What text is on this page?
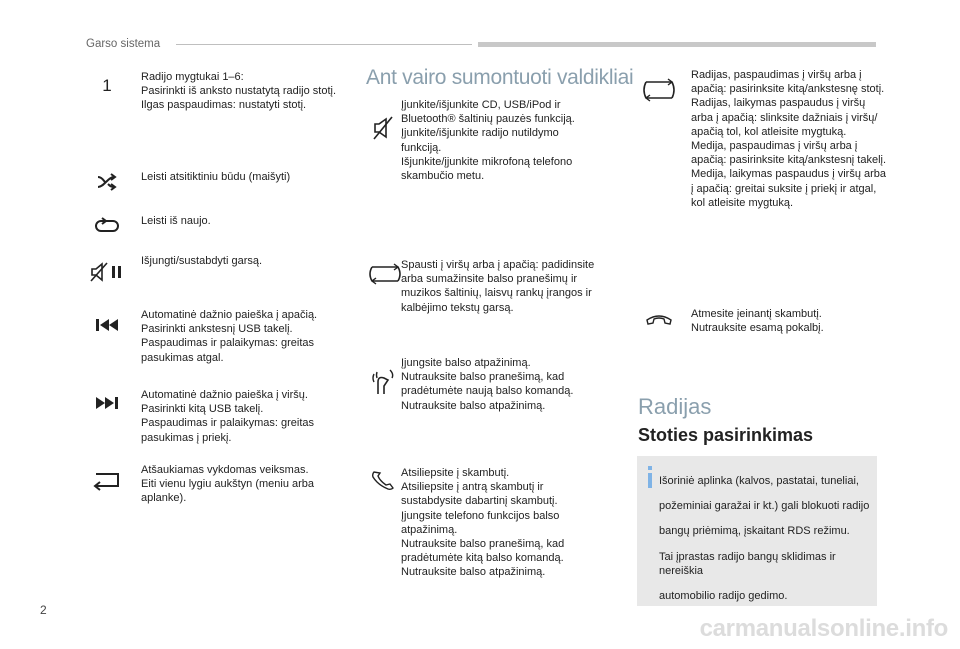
Garso sistema
1	Radijo mygtukai 1–6:

Pasirinkti iš anksto nustatytą radijo stotį.

Ilgas paspaudimas: nustatyti stotį.

Leisti atsitiktiniu būdu (maišyti)

Leisti iš naujo.

Išjungti/sustabdyti garsą.

Automatinė dažnio paieška į apačią.

Pasirinkti ankstesnį USB takelį.

Paspaudimas ir palaikymas: greitas

pasukimas atgal.

Automatinė dažnio paieška į viršų.

Pasirinkti kitą USB takelį.

Paspaudimas ir palaikymas: greitas

pasukimas į priekį.

Atšaukiamas vykdomas veiksmas.

Eiti vienu lygiu aukštyn (meniu arba

aplanke).

Ant vairo sumontuoti valdikliai

Įjunkite/išjunkite CD, USB/iPod ir

Bluetooth® šaltinių pauzės funkciją.

Įjunkite/išjunkite radijo nutildymo

funkciją.

Išjunkite/įjunkite mikrofoną telefono

skambučio metu.

Spausti į viršų arba į apačią: padidinsite

arba sumažinsite balso pranešimų ir

muzikos šaltinių, laisvų rankų įrangos ir

kalbėjimo tekstų garsą.

Įjungsite balso atpažinimą.

Nutrauksite balso pranešimą, kad

pradėtumėte naują balso komandą.

Nutrauksite balso atpažinimą.

Atsiliepsite į skambutį.

Atsiliepsite į antrą skambutį ir

sustabdysite dabartinį skambutį.

Įjungsite telefono funkcijos balso

atpažinimą.

Nutrauksite balso pranešimą, kad

pradėtumėte kitą balso komandą.

Nutrauksite balso atpažinimą.

Radijas, paspaudimas į viršų arba į

apačią: pasirinksite kitą/ankstesnę stotį.

Radijas, laikymas paspaudus į viršų

arba į apačią: slinksite dažniais į viršų/

apačią tol, kol atleisite mygtuką.

Medija, paspaudimas į viršų arba į

apačią: pasirinksite kitą/ankstesnį takelį.

Medija, laikymas paspaudus į viršų arba

į apačią: greitai suksite į priekį ir atgal,

kol atleisite mygtuką.

Atmesite įeinantį skambutį.

Nutrauksite esamą pokalbį.

Radijas
Stoties pasirinkimas

Išoriniė aplinka (kalvos, pastatai, tuneliai,

požeminiai garažai ir kt.) gali blokuoti radijo

bangų priėmimą, įskaitant RDS režimu.

Tai įprastas radijo bangų sklidimas ir nereiškia

automobilio radijo gedimo.

2
carmanualsonline.info
